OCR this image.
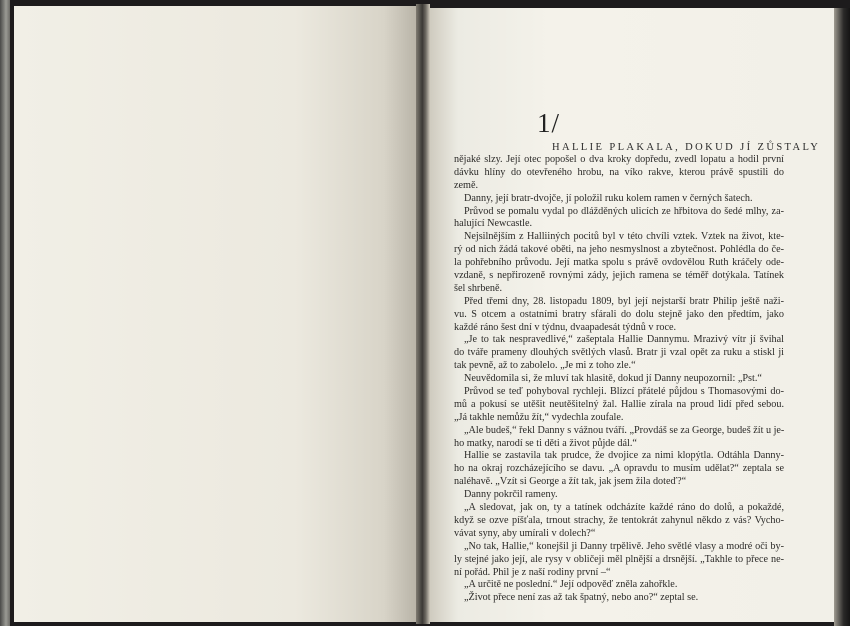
1/
HALLIE PLAKALA, DOKUD JÍ ZŮSTALY
nějaké slzy. Její otec popošel o dva kroky dopředu, zvedl lopatu a hodil první
dávku hlíny do otevřeného hrobu, na víko rakve, kterou právě spustili do
země.
Danny, její bratr-dvojče, jí položil ruku kolem ramen v černých šatech.
Průvod se pomalu vydal po dlážděných ulicích ze hřbitova do šedé mlhy, za-
halující Newcastle.
Nejsilnějším z Halliiných pocitů byl v této chvíli vztek. Vztek na život, kte-
rý od nich žádá takové oběti, na jeho nesmyslnost a zbytečnost. Pohlédla do če-
la pohřebního průvodu. Její matka spolu s právě ovdovělou Ruth kráčely ode-
vzdaně, s nepřirozeně rovnými zády, jejich ramena se téměř dotýkala. Tatínek
šel shrbeně.
Před třemi dny, 28. listopadu 1809, byl její nejstarší bratr Philip ještě naži-
vu. S otcem a ostatními bratry sfárali do dolu stejně jako den předtím, jako
každé ráno šest dní v týdnu, dvaapadesát týdnů v roce.
„Je to tak nespravedlivé,“ zašeptala Hallie Dannymu. Mrazivý vítr jí švihal
do tváře prameny dlouhých světlých vlasů. Bratr ji vzal opět za ruku a stiskl ji
tak pevně, až to zabolelo. „Je mi z toho zle.“
Neuvědomila si, že mluví tak hlasitě, dokud jí Danny neupozornil: „Pst.“
Průvod se teď pohyboval rychleji. Blízcí přátelé půjdou s Thomasovými do-
mů a pokusí se utěšit neutěšitelný žal. Hallie zírala na proud lidí před sebou.
„Já takhle nemůžu žít,“ vydechla zoufale.
„Ale budeš,“ řekl Danny s vážnou tváří. „Provdáš se za George, budeš žít u je-
ho matky, narodí se ti děti a život půjde dál.“
Hallie se zastavila tak prudce, že dvojice za nimi klopýtla. Odtáhla Danny-
ho na okraj rozcházejícího se davu. „A opravdu to musím udělat?“ zeptala se
naléhavě. „Vzít si George a žít tak, jak jsem žila doteď?“
Danny pokrčil rameny.
„A sledovat, jak on, ty a tatínek odcházíte každé ráno do dolů, a pokaždé,
když se ozve píšťala, trnout strachy, že tentokrát zahynul někdo z vás? Vycho-
vávat syny, aby umírali v dolech?“
„No tak, Hallie,“ konejšil ji Danny trpělivě. Jeho světlé vlasy a modré oči by-
ly stejné jako její, ale rysy v obličeji měl plnější a drsnější. „Takhle to přece ne-
ní pořád. Phil je z naší rodiny první –“
„A určitě ne poslední.“ Její odpověď zněla zahořkle.
„Život přece není zas až tak špatný, nebo ano?“ zeptal se.
